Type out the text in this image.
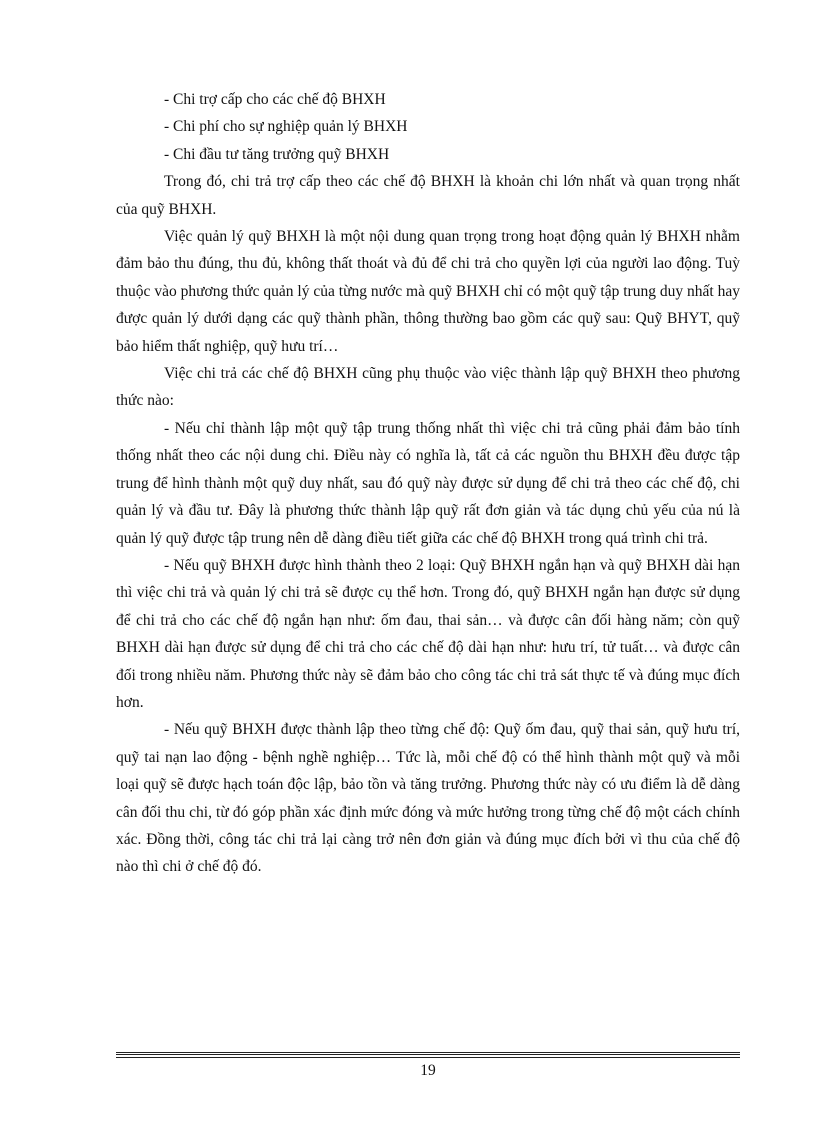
- Chi trợ cấp cho các chế độ BHXH

- Chi phí cho sự nghiệp quản lý BHXH

- Chi đầu tư tăng trưởng quỹ BHXH

Trong đó, chi trả trợ cấp theo các chế độ BHXH là khoản chi lớn nhất và quan trọng nhất của quỹ BHXH.

Việc quản lý quỹ BHXH là một nội dung quan trọng trong hoạt động quản lý BHXH nhằm đảm bảo thu đúng, thu đủ, không thất thoát và đủ để chi trả cho quyền lợi của người lao động. Tuỳ thuộc vào phương thức quản lý của từng nước mà quỹ BHXH chỉ có một quỹ tập trung duy nhất hay được quản lý dưới dạng các quỹ thành phần, thông thường bao gồm các quỹ sau: Quỹ BHYT, quỹ bảo hiểm thất nghiệp, quỹ hưu trí…

Việc chi trả các chế độ BHXH cũng phụ thuộc vào việc thành lập quỹ BHXH theo phương thức nào:

- Nếu chỉ thành lập một quỹ tập trung thống nhất thì việc chi trả cũng phải đảm bảo tính thống nhất theo các nội dung chi. Điều này có nghĩa là, tất cả các nguồn thu BHXH đều được tập trung để hình thành một quỹ duy nhất, sau đó quỹ này được sử dụng để chi trả theo các chế độ, chi quản lý và đầu tư. Đây là phương thức thành lập quỹ rất đơn giản và tác dụng chủ yếu của nú là quản lý quỹ được tập trung nên dễ dàng điều tiết giữa các chế độ BHXH trong quá trình chi trả.

- Nếu quỹ BHXH được hình thành theo 2 loại: Quỹ BHXH ngắn hạn và quỹ BHXH dài hạn thì việc chi trả và quản lý chi trả sẽ được cụ thể hơn. Trong đó, quỹ BHXH ngắn hạn được sử dụng để chi trả cho các chế độ ngắn hạn như: ốm đau, thai sản… và được cân đối hàng năm; còn quỹ BHXH dài hạn được sử dụng để chi trả cho các chế độ dài hạn như: hưu trí, tử tuất… và được cân đối trong nhiều năm. Phương thức này sẽ đảm bảo cho công tác chi trả sát thực tế và đúng mục đích hơn.

- Nếu quỹ BHXH được thành lập theo từng chế độ: Quỹ ốm đau, quỹ thai sản, quỹ hưu trí, quỹ tai nạn lao động - bệnh nghề nghiệp… Tức là, mỗi chế độ có thể hình thành một quỹ và mỗi loại quỹ sẽ được hạch toán độc lập, bảo tồn và tăng trưởng. Phương thức này có ưu điểm là dễ dàng cân đối thu chi, từ đó góp phần xác định mức đóng và mức hưởng trong từng chế độ một cách chính xác. Đồng thời, công tác chi trả lại càng trở nên đơn giản và đúng mục đích bởi vì thu của chế độ nào thì chi ở chế độ đó.

19
